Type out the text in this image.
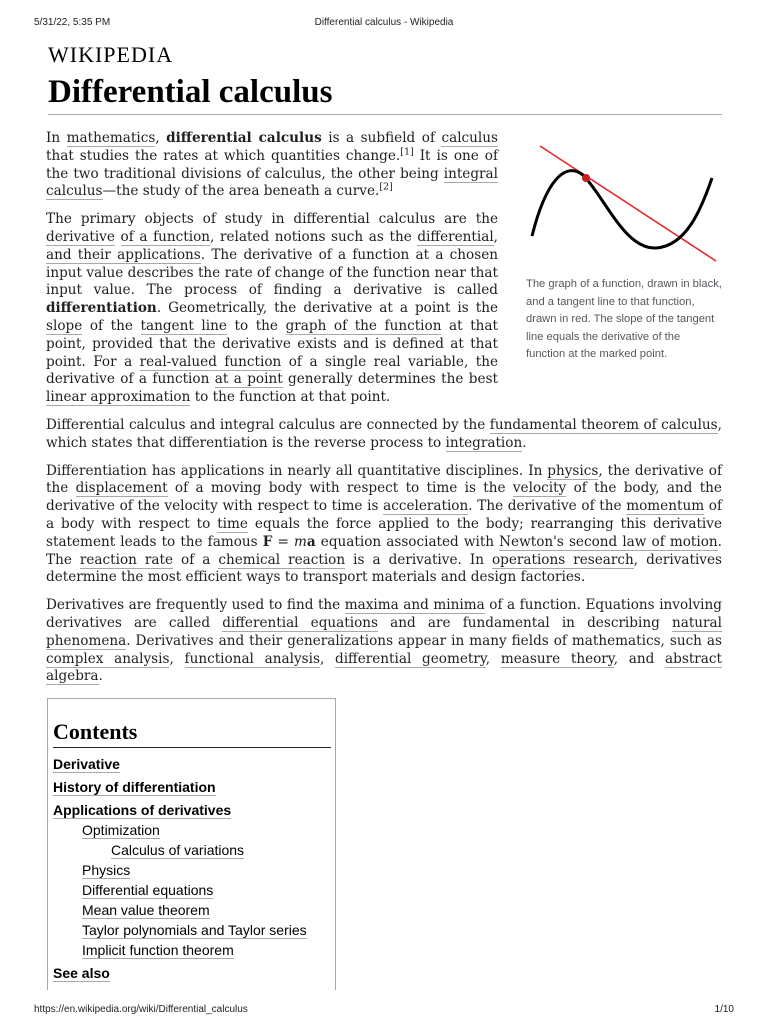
5/31/22, 5:35 PM	Differential calculus - Wikipedia
WIKIPEDIA
Differential calculus

In mathematics, differential calculus is a subfield of calculus that studies the rates at which quantities change.[1] It is one of the two traditional divisions of calculus, the other being integral calculus—the study of the area beneath a curve.[2]

The primary objects of study in differential calculus are the derivative of a function, related notions such as the differential, and their applications. The derivative of a function at a chosen input value describes the rate of change of the function near that input value. The process of finding a derivative is called differentiation. Geometrically, the derivative at a point is the slope of the tangent line to the graph of the function at that point, provided that the derivative exists and is defined at that point. For a real-valued function of a single real variable, the derivative of a function at a point generally determines the best linear approximation to the function at that point.

Differential calculus and integral calculus are connected by the fundamental theorem of calculus, which states that differentiation is the reverse process to integration.

Differentiation has applications in nearly all quantitative disciplines. In physics, the derivative of the displacement of a moving body with respect to time is the velocity of the body, and the derivative of the velocity with respect to time is acceleration. The derivative of the momentum of a body with respect to time equals the force applied to the body; rearranging this derivative statement leads to the famous F = ma equation associated with Newton's second law of motion. The reaction rate of a chemical reaction is a derivative. In operations research, derivatives determine the most efficient ways to transport materials and design factories.

Derivatives are frequently used to find the maxima and minima of a function. Equations involving derivatives are called differential equations and are fundamental in describing natural phenomena. Derivatives and their generalizations appear in many fields of mathematics, such as complex analysis, functional analysis, differential geometry, measure theory, and abstract algebra.

The graph of a function, drawn in black, and a tangent line to that function, drawn in red. The slope of the tangent line equals the derivative of the function at the marked point.
Contents
Derivative
History of differentiation
Applications of derivatives
Optimization
Calculus of variations
Physics
Differential equations
Mean value theorem
Taylor polynomials and Taylor series
Implicit function theorem
See also
https://en.wikipedia.org/wiki/Differential_calculus	1/10
